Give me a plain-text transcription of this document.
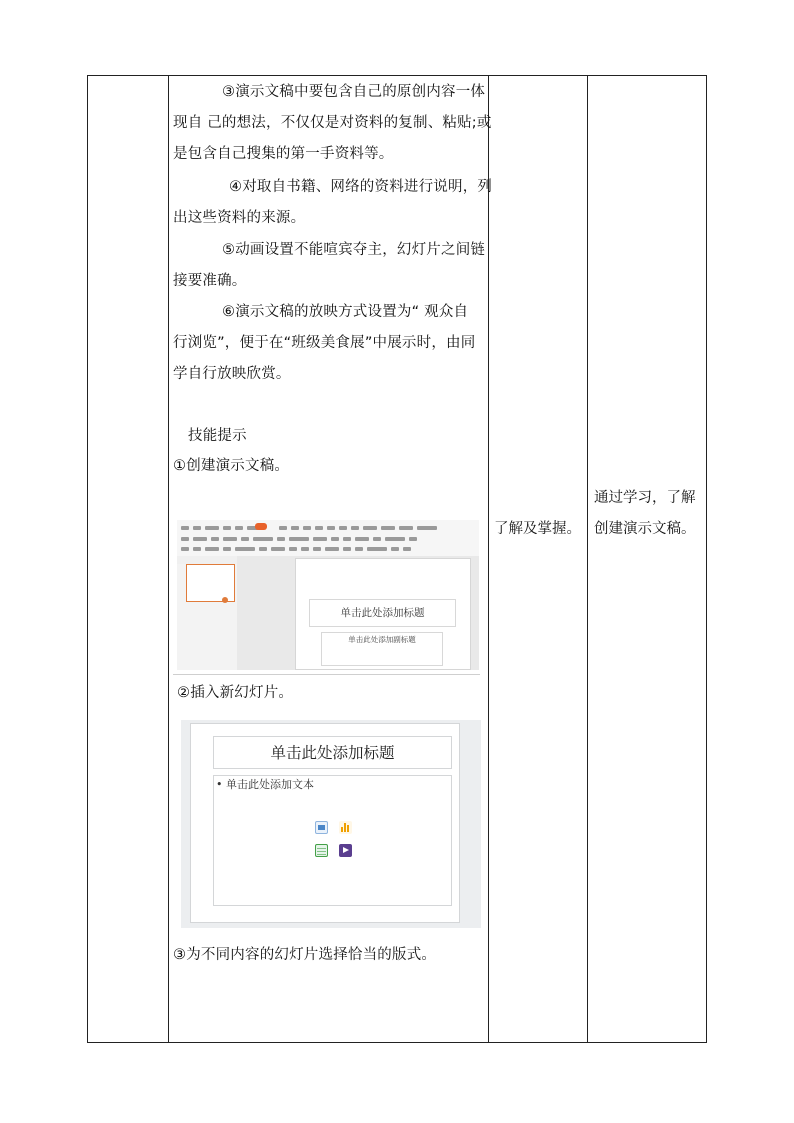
③演示文稿中要包含自己的原创内容一体
现自 己的想法，不仅仅是对资料的复制、粘贴;或
是包含自己搜集的第一手资料等。
④对取自书籍、网络的资料进行说明，列
出这些资料的来源。
⑤动画设置不能喧宾夺主，幻灯片之间链
接要准确。
⑥演示文稿的放映方式设置为“ 观众自
行浏览”，便于在“班级美食展”中展示时，由同
学自行放映欣赏。
技能提示
①创建演示文稿。
单击此处添加标题
单击此处添加副标题
②插入新幻灯片。
单击此处添加标题
• 单击此处添加文本
③为不同内容的幻灯片选择恰当的版式。
了解及掌握。
通过学习，了解
创建演示文稿。
